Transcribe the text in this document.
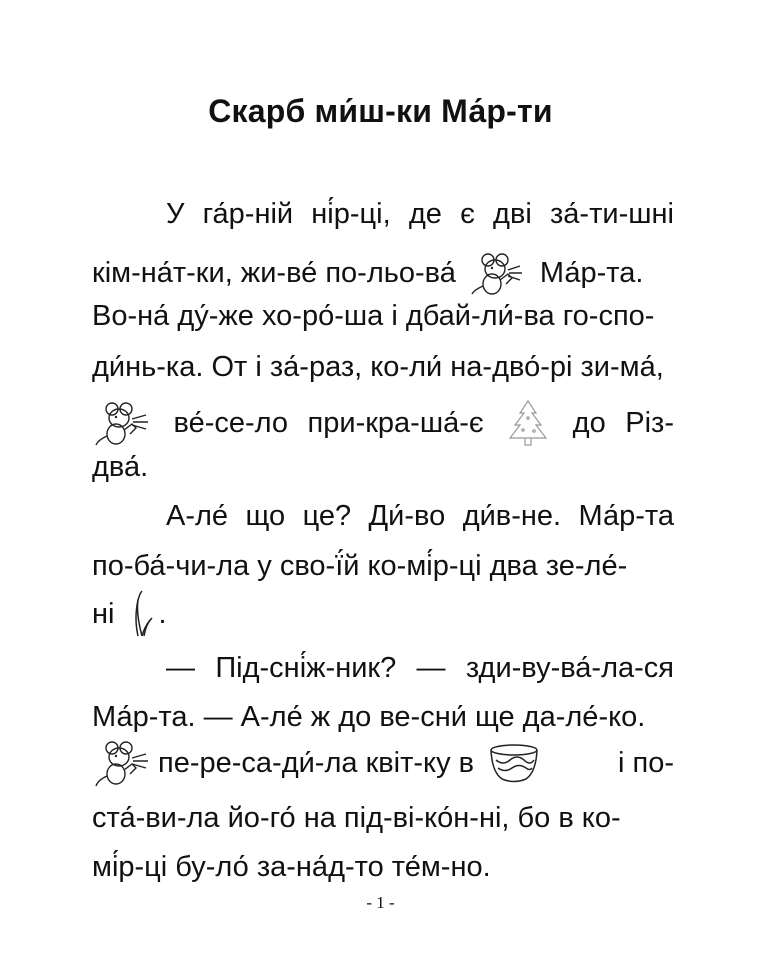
Скарб ми́ш-ки Ма́р-ти
У га́р-ній ні́р-ці, де є дві за́-ти-шні
кім-на́т-ки, жи-ве́ по-льо-ва́	Ма́р-та.
Во-на́ ду́-же хо-ро́-ша і дбай-ли́-ва го-спо-
ди́нь-ка. От і за́-раз, ко-ли́ на-дво́-рі зи-ма́,
ве́-се-ло при-кра-ша́-є	до Різ-
два́.
А-ле́ що це? Ди́-во ди́в-не. Ма́р-та
по-ба́-чи-ла у сво-ї́й ко-мі́р-ці два зе-ле́-
ні .
— Під-сні́ж-ник? — зди-ву-ва́-ла-ся
Ма́р-та. — А-ле́ ж до ве-сни́ ще да-ле́-ко.
пе-ре-са-ди́-ла квіт-ку в	і по-
ста́-ви-ла йо-го́ на під-ві-ко́н-ні, бо в ко-
мі́р-ці бу-ло́ за-на́д-то те́м-но.
- 1 -
